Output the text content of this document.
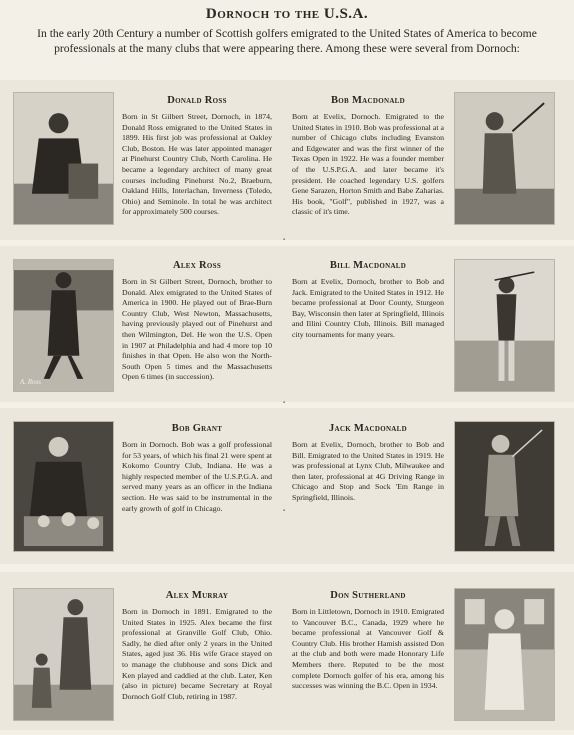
Dornoch to the U.S.A.
In the early 20th Century a number of Scottish golfers emigrated to the United States of America to become professionals at the many clubs that were appearing there. Among these were several from Dornoch:
Donald Ross
Born in St Gilbert Street, Dornoch, in 1874, Donald Ross emigrated to the United States in 1899. His first job was professional at Oakley Club, Boston. He was later appointed manager at Pinehurst Country Club, North Carolina. He became a legendary architect of many great courses including Pinehurst No.2, Braeburn, Oakland Hills, Interlachan, Inverness (Toledo, Ohio) and Seminole. In total he was architect for approximately 500 courses.
Bob Macdonald
Born at Evelix, Dornoch. Emigrated to the United States in 1910. Bob was professional at a number of Chicago clubs including Evanston and Edgewater and was the first winner of the Texas Open in 1922. He was a founder member of the U.S.P.G.A. and later became it's president. He coached legendary U.S. golfers Gene Sarazen, Horton Smith and Babe Zaharias. His book, "Golf", published in 1927, was a classic of it's time.
▪
A. Ross
Alex Ross
Born in St Gilbert Street, Dornoch, brother to Donald. Alex emigrated to the United States of America in 1900. He played out of Brae-Burn Country Club, West Newton, Massachusetts, having previously played out of Pinehurst and then Wilmington, Del. He won the U.S. Open in 1907 at Philadelphia and had 4 more top 10 finishes in that Open. He also won the North-South Open 5 times and the Massachusetts Open 6 times (in succession).
Bill Macdonald
Born at Evelix, Dornoch, brother to Bob and Jack. Emigrated to the United States in 1912. He became professional at Door County, Sturgeon Bay, Wisconsin then later at Springfield, Illinois and Illini Country Club, Illinois. Bill managed city tournaments for many years.
▪
Bob Grant
Born in Dornoch. Bob was a golf professional for 53 years, of which his final 21 were spent at Kokomo Country Club, Indiana. He was a highly respected member of the U.S.P.G.A. and served many years as an officer in the Indiana section. He was said to be instrumental in the early growth of golf in Chicago.
Jack Macdonald
Born at Evelix, Dornoch, brother to Bob and Bill. Emigrated to the United States in 1919. He was professional at Lynx Club, Milwaukee and then later, professional at 4G Driving Range in Chicago and Stop and Sock 'Em Range in Springfield, Illinois.
▪
Alex Murray
Born in Dornoch in 1891. Emigrated to the United States in 1925. Alex became the first professional at Granville Golf Club, Ohio. Sadly, he died after only 2 years in the United States, aged just 36. His wife Grace stayed on to manage the clubhouse and sons Dick and Ken played and caddied at the club. Later, Ken (also in picture) became Secretary at Royal Dornoch Golf Club, retiring in 1987.
Don Sutherland
Born in Littletown, Dornoch in 1910. Emigrated to Vancouver B.C., Canada, 1929 where he became professional at Vancouver Golf & Country Club. His brother Hamish assisted Don at the club and both were made Honorary Life Members there. Reputed to be the most complete Dornoch golfer of his era, among his successes was winning the B.C. Open in 1934.
